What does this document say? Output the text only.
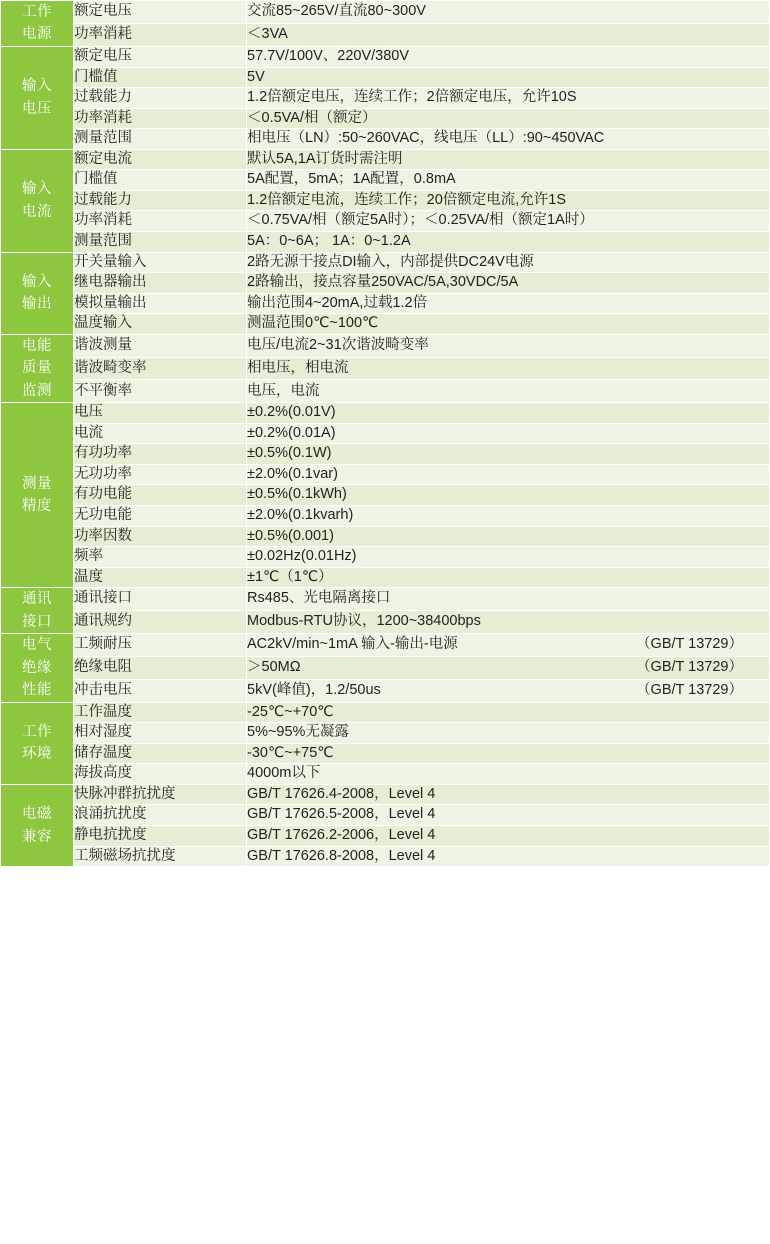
工作
电源	额定电压	交流85~265V/直流80~300V
	功率消耗	＜3VA

输入
电压	额定电压	57.7V/100V、220V/380V
	门槛值	5V
	过载能力	1.2倍额定电压，连续工作；2倍额定电压，允许10S
	功率消耗	＜0.5VA/相（额定）
	测量范围	相电压（LN）:50~260VAC，线电压（LL）:90~450VAC

输入
电流	额定电流	默认5A,1A订货时需注明
	门槛值	5A配置，5mA；1A配置，0.8mA
	过载能力	1.2倍额定电流，连续工作；20倍额定电流,允许1S
	功率消耗	＜0.75VA/相（额定5A时）；＜0.25VA/相（额定1A时）
	测量范围	5A：0~6A； 1A：0~1.2A

输入
输出	开关量输入	2路无源干接点DI输入，内部提供DC24V电源
	继电器输出	2路输出，接点容量250VAC/5A,30VDC/5A
	模拟量输出	输出范围4~20mA,过载1.2倍
	温度输入	测温范围0℃~100℃

电能
质量
监测	谐波测量	电压/电流2~31次谐波畸变率
	谐波畸变率	相电压，相电流
	不平衡率	电压，电流

测量
精度	电压	±0.2%(0.01V)
	电流	±0.2%(0.01A)
	有功功率	±0.5%(0.1W)
	无功功率	±2.0%(0.1var)
	有功电能	±0.5%(0.1kWh)
	无功电能	±2.0%(0.1kvarh)
	功率因数	±0.5%(0.001)
	频率	±0.02Hz(0.01Hz)
	温度	±1℃（1℃）

通讯
接口	通讯接口	Rs485、光电隔离接口
	通讯规约	Modbus-RTU协议，1200~38400bps

电气
绝缘
性能	工频耐压	AC2kV/min~1mA 输入-输出-电源 （GB/T 13729）

	绝缘电阻	＞50MΩ （GB/T 13729）

	冲击电压	5kV(峰值)，1.2/50us （GB/T 13729）

工作
环境	工作温度	-25℃~+70℃
	相对湿度	5%~95%无凝露
	储存温度	-30℃~+75℃
	海拔高度	4000m以下

电磁
兼容	快脉冲群抗扰度	GB/T 17626.4-2008，Level 4
	浪涌抗扰度	GB/T 17626.5-2008，Level 4
	静电抗扰度	GB/T 17626.2-2006，Level 4
	工频磁场抗扰度	GB/T 17626.8-2008，Level 4
